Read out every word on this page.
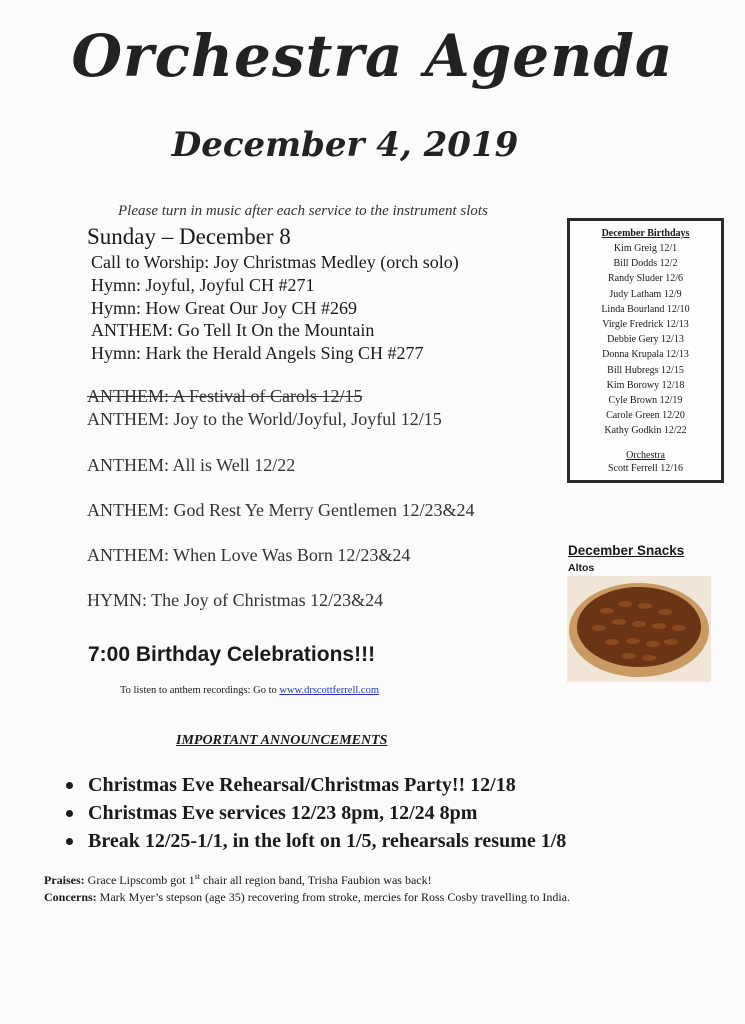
Orchestra Agenda
December 4, 2019
Please turn in music after each service to the instrument slots
Sunday – December 8
Call to Worship: Joy Christmas Medley (orch solo)
Hymn: Joyful, Joyful CH #271
Hymn: How Great Our Joy CH #269
ANTHEM: Go Tell It On the Mountain
Hymn: Hark the Herald Angels Sing CH #277
ANTHEM: A Festival of Carols 12/15
ANTHEM: Joy to the World/Joyful, Joyful 12/15
ANTHEM: All is Well 12/22
ANTHEM: God Rest Ye Merry Gentlemen 12/23&24
ANTHEM: When Love Was Born 12/23&24
HYMN: The Joy of Christmas 12/23&24
7:00 Birthday Celebrations!!!
To listen to anthem recordings: Go to www.drscottferrell.com
IMPORTANT ANNOUNCEMENTS
Christmas Eve Rehearsal/Christmas Party!! 12/18
Christmas Eve services 12/23 8pm, 12/24 8pm
Break 12/25-1/1, in the loft on 1/5, rehearsals resume 1/8
Praises: Grace Lipscomb got 1st chair all region band, Trisha Faubion was back!
Concerns: Mark Myer’s stepson (age 35) recovering from stroke, mercies for Ross Cosby travelling to India.
December Birthdays
Kim Greig 12/1
Bill Dodds 12/2
Randy Sluder 12/6
Judy Latham 12/9
Linda Bourland 12/10
Virgle Fredrick 12/13
Debbie Gery 12/13
Donna Krupala 12/13
Bill Hubregs 12/15
Kim Borowy 12/18
Cyle Brown 12/19
Carole Green 12/20
Kathy Godkin 12/22
Orchestra
Scott Ferrell 12/16
December Snacks
Altos
